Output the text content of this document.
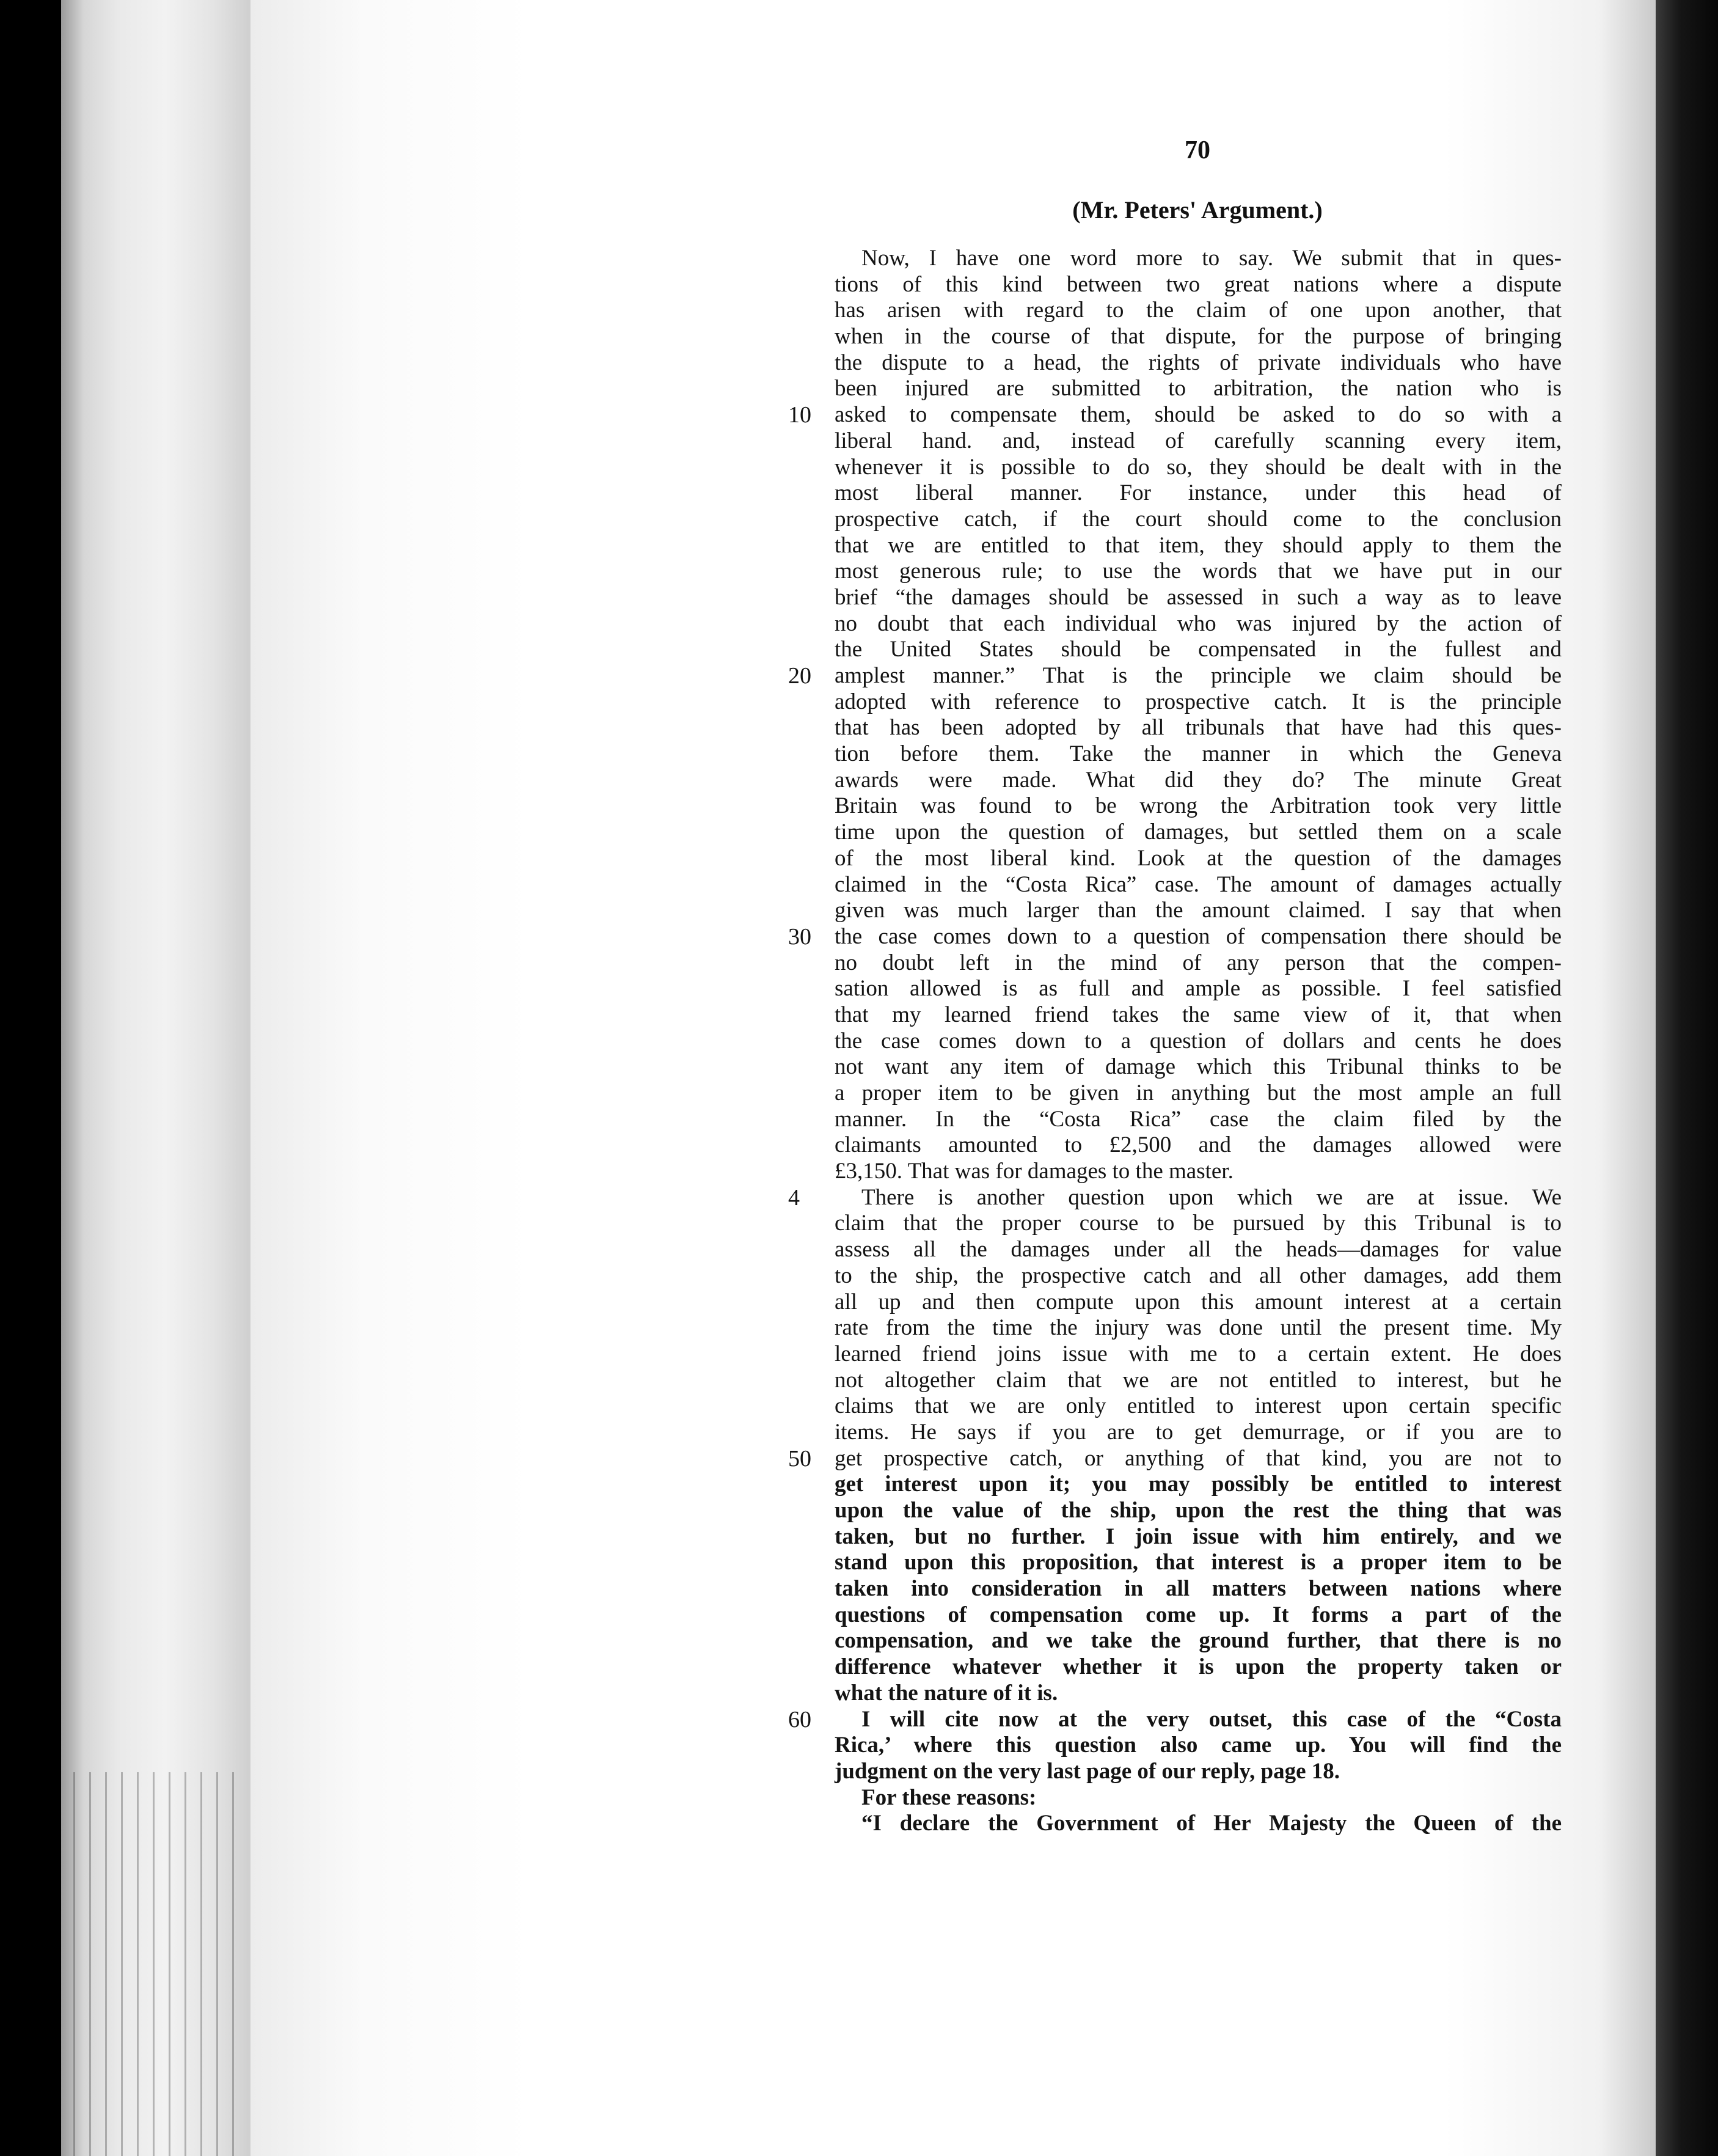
70
(Mr. Peters' Argument.)
10
20
30
4
50
60
Now, I have one word more to say. We submit that in ques-
tions of this kind between two great nations where a dispute
has arisen with regard to the claim of one upon another, that
when in the course of that dispute, for the purpose of bringing
the dispute to a head, the rights of private individuals who have
been injured are submitted to arbitration, the nation who is
asked to compensate them, should be asked to do so with a
liberal hand. and, instead of carefully scanning every item,
whenever it is possible to do so, they should be dealt with in the
most liberal manner. For instance, under this head of
prospective catch, if the court should come to the conclusion
that we are entitled to that item, they should apply to them the
most generous rule; to use the words that we have put in our
brief “the damages should be assessed in such a way as to leave
no doubt that each individual who was injured by the action of
the United States should be compensated in the fullest and
amplest manner.” That is the principle we claim should be
adopted with reference to prospective catch. It is the principle
that has been adopted by all tribunals that have had this ques-
tion before them. Take the manner in which the Geneva
awards were made. What did they do? The minute Great
Britain was found to be wrong the Arbitration took very little
time upon the question of damages, but settled them on a scale
of the most liberal kind. Look at the question of the damages
claimed in the “Costa Rica” case. The amount of damages actually
given was much larger than the amount claimed. I say that when
the case comes down to a question of compensation there should be
no doubt left in the mind of any person that the compen-
sation allowed is as full and ample as possible. I feel satisfied
that my learned friend takes the same view of it, that when
the case comes down to a question of dollars and cents he does
not want any item of damage which this Tribunal thinks to be
a proper item to be given in anything but the most ample an full
manner. In the “Costa Rica” case the claim filed by the
claimants amounted to £2,500 and the damages allowed were
£3,150. That was for damages to the master.
There is another question upon which we are at issue. We
claim that the proper course to be pursued by this Tribunal is to
assess all the damages under all the heads—damages for value
to the ship, the prospective catch and all other damages, add them
all up and then compute upon this amount interest at a certain
rate from the time the injury was done until the present time. My
learned friend joins issue with me to a certain extent. He does
not altogether claim that we are not entitled to interest, but he
claims that we are only entitled to interest upon certain specific
items. He says if you are to get demurrage, or if you are to
get prospective catch, or anything of that kind, you are not to
get interest upon it; you may possibly be entitled to interest
upon the value of the ship, upon the rest the thing that was
taken, but no further. I join issue with him entirely, and we
stand upon this proposition, that interest is a proper item to be
taken into consideration in all matters between nations where
questions of compensation come up. It forms a part of the
compensation, and we take the ground further, that there is no
difference whatever whether it is upon the property taken or
what the nature of it is.
I will cite now at the very outset, this case of the “Costa
Rica,’ where this question also came up. You will find the
judgment on the very last page of our reply, page 18.
For these reasons:
“I declare the Government of Her Majesty the Queen of the
